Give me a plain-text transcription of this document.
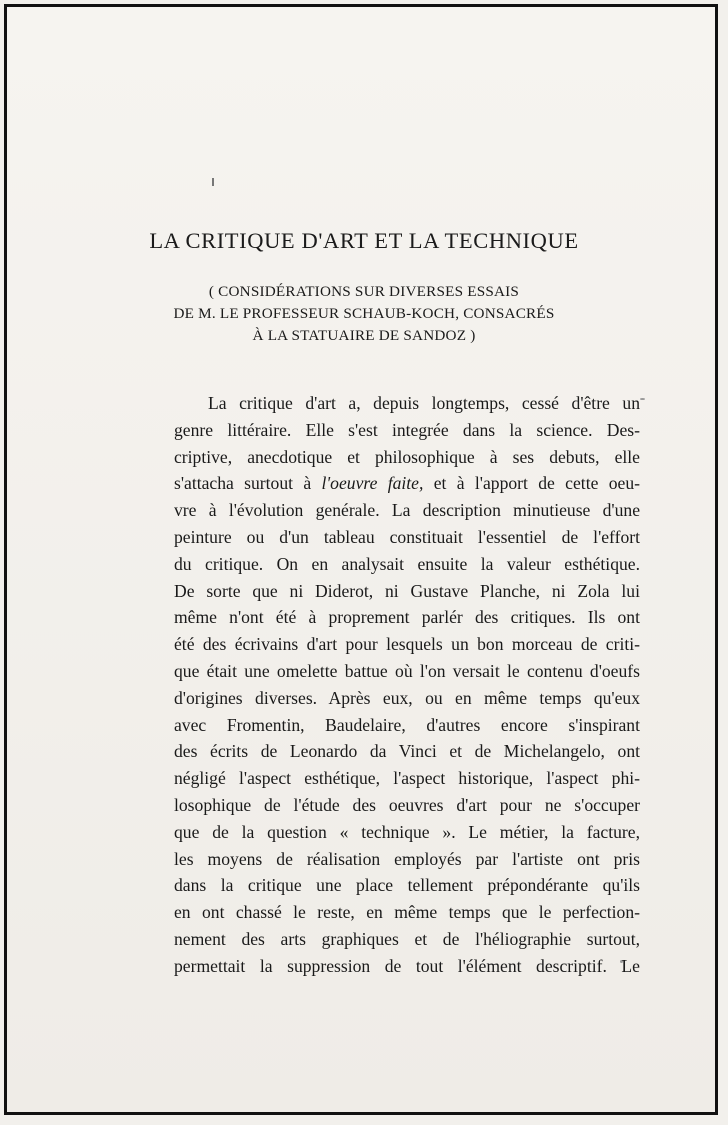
LA CRITIQUE D'ART ET LA TECHNIQUE
( CONSIDÉRATIONS SUR DIVERSES ESSAIS
DE M. LE PROFESSEUR SCHAUB-KOCH, CONSACRÉS
À LA STATUAIRE DE SANDOZ )
La critique d'art a, depuis longtemps, cessé d'être un
genre littéraire. Elle s'est integrée dans la science. Des-
criptive, anecdotique et philosophique à ses debuts, elle
s'attacha surtout à l'oeuvre faite, et à l'apport de cette oeu-
vre à l'évolution genérale. La description minutieuse d'une
peinture ou d'un tableau constituait l'essentiel de l'effort
du critique. On en analysait ensuite la valeur esthétique.
De sorte que ni Diderot, ni Gustave Planche, ni Zola lui
même n'ont été à proprement parlér des critiques. Ils ont
été des écrivains d'art pour lesquels un bon morceau de criti-
que était une omelette battue où l'on versait le contenu d'oeufs
d'origines diverses. Après eux, ou en même temps qu'eux
avec Fromentin, Baudelaire, d'autres encore s'inspirant
des écrits de Leonardo da Vinci et de Michelangelo, ont
négligé l'aspect esthétique, l'aspect historique, l'aspect phi-
losophique de l'étude des oeuvres d'art pour ne s'occuper
que de la question « technique ». Le métier, la facture,
les moyens de réalisation employés par l'artiste ont pris
dans la critique une place tellement prépondérante qu'ils
en ont chassé le reste, en même temps que le perfection-
nement des arts graphiques et de l'héliographie surtout,
permettait la suppression de tout l'élément descriptif. Le
